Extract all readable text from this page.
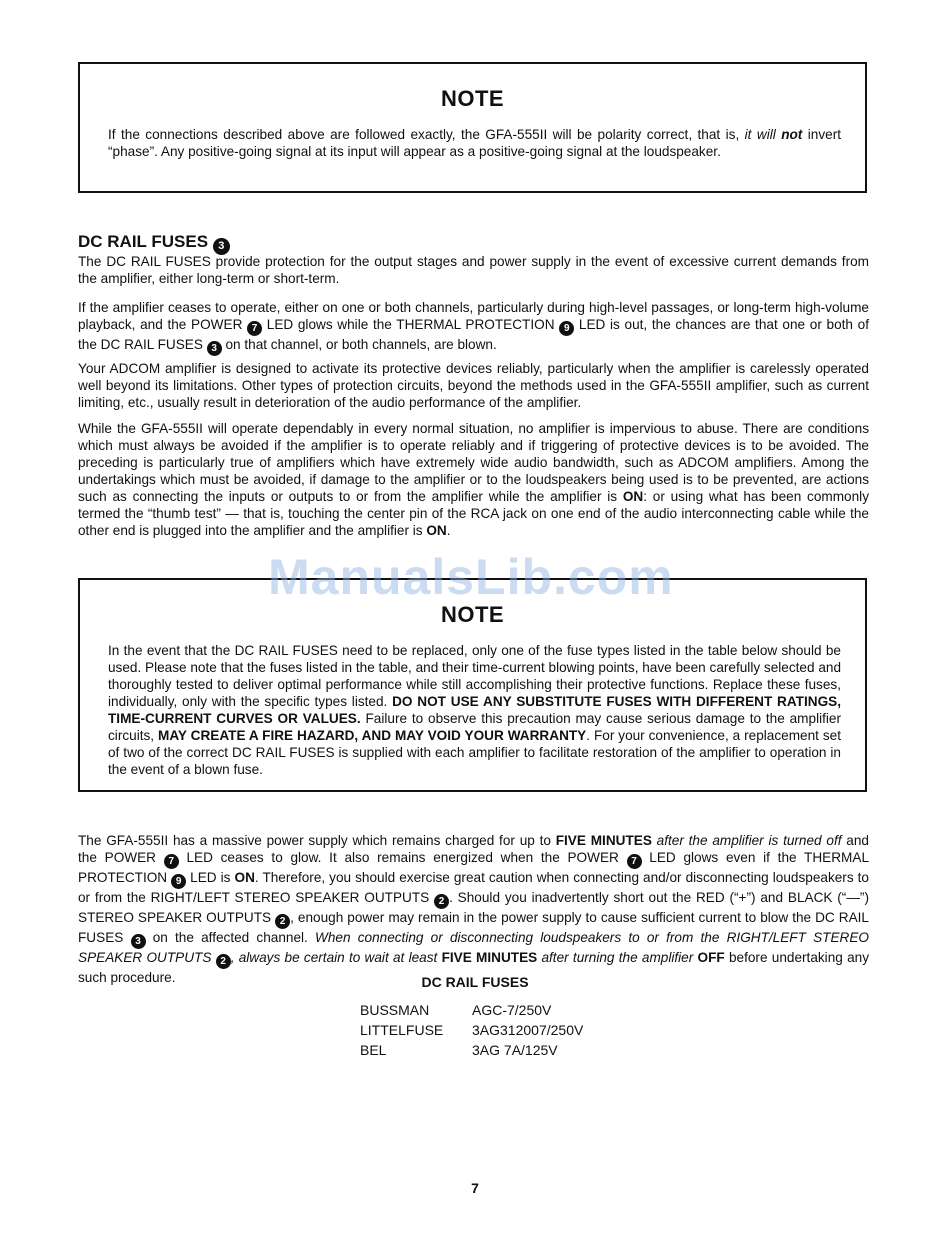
NOTE
If the connections described above are followed exactly, the GFA-555II will be polarity correct, that is, it will not invert “phase”. Any positive-going signal at its input will appear as a positive-going signal at the loudspeaker.
DC RAIL FUSES 3
The DC RAIL FUSES provide protection for the output stages and power supply in the event of excessive current demands from the amplifier, either long-term or short-term.
If the amplifier ceases to operate, either on one or both channels, particularly during high-level passages, or long-term high-volume playback, and the POWER 7 LED glows while the THERMAL PROTECTION 9 LED is out, the chances are that one or both of the DC RAIL FUSES 3 on that channel, or both channels, are blown.
Your ADCOM amplifier is designed to activate its protective devices reliably, particularly when the amplifier is carelessly operated well beyond its limitations. Other types of protection circuits, beyond the methods used in the GFA-555II amplifier, such as current limiting, etc., usually result in deterioration of the audio performance of the amplifier.
While the GFA-555II will operate dependably in every normal situation, no amplifier is impervious to abuse. There are conditions which must always be avoided if the amplifier is to operate reliably and if triggering of protective devices is to be avoided. The preceding is particularly true of amplifiers which have extremely wide audio bandwidth, such as ADCOM amplifiers. Among the undertakings which must be avoided, if damage to the amplifier or to the loudspeakers being used is to be prevented, are actions such as connecting the inputs or outputs to or from the amplifier while the amplifier is ON: or using what has been commonly termed the “thumb test” — that is, touching the center pin of the RCA jack on one end of the audio interconnecting cable while the other end is plugged into the amplifier and the amplifier is ON.
NOTE
In the event that the DC RAIL FUSES need to be replaced, only one of the fuse types listed in the table below should be used. Please note that the fuses listed in the table, and their time-current blowing points, have been carefully selected and thoroughly tested to deliver optimal performance while still accomplishing their protective functions. Replace these fuses, individually, only with the specific types listed. DO NOT USE ANY SUBSTITUTE FUSES WITH DIFFERENT RATINGS, TIME-CURRENT CURVES OR VALUES. Failure to observe this precaution may cause serious damage to the amplifier circuits, MAY CREATE A FIRE HAZARD, AND MAY VOID YOUR WARRANTY. For your convenience, a replacement set of two of the correct DC RAIL FUSES is supplied with each amplifier to facilitate restoration of the amplifier to operation in the event of a blown fuse.
ManualsLib.com
The GFA-555II has a massive power supply which remains charged for up to FIVE MINUTES after the amplifier is turned off and the POWER 7 LED ceases to glow. It also remains energized when the POWER 7 LED glows even if the THERMAL PROTECTION 9 LED is ON. Therefore, you should exercise great caution when connecting and/or disconnecting loudspeakers to or from the RIGHT/LEFT STEREO SPEAKER OUTPUTS 2 . Should you inadvertently short out the RED (“+”) and BLACK (“—”) STEREO SPEAKER OUTPUTS 2 , enough power may remain in the power supply to cause sufficient current to blow the DC RAIL FUSES 3 on the affected channel. When connecting or disconnecting loudspeakers to or from the RIGHT/LEFT STEREO SPEAKER OUTPUTS 2 , always be certain to wait at least FIVE MINUTES after turning the amplifier OFF before undertaking any such procedure.	DC RAIL FUSES
BUSSMAN	AGC-7/250V
LITTELFUSE 3AG312007/250V
BEL	3AG 7A/125V
7
